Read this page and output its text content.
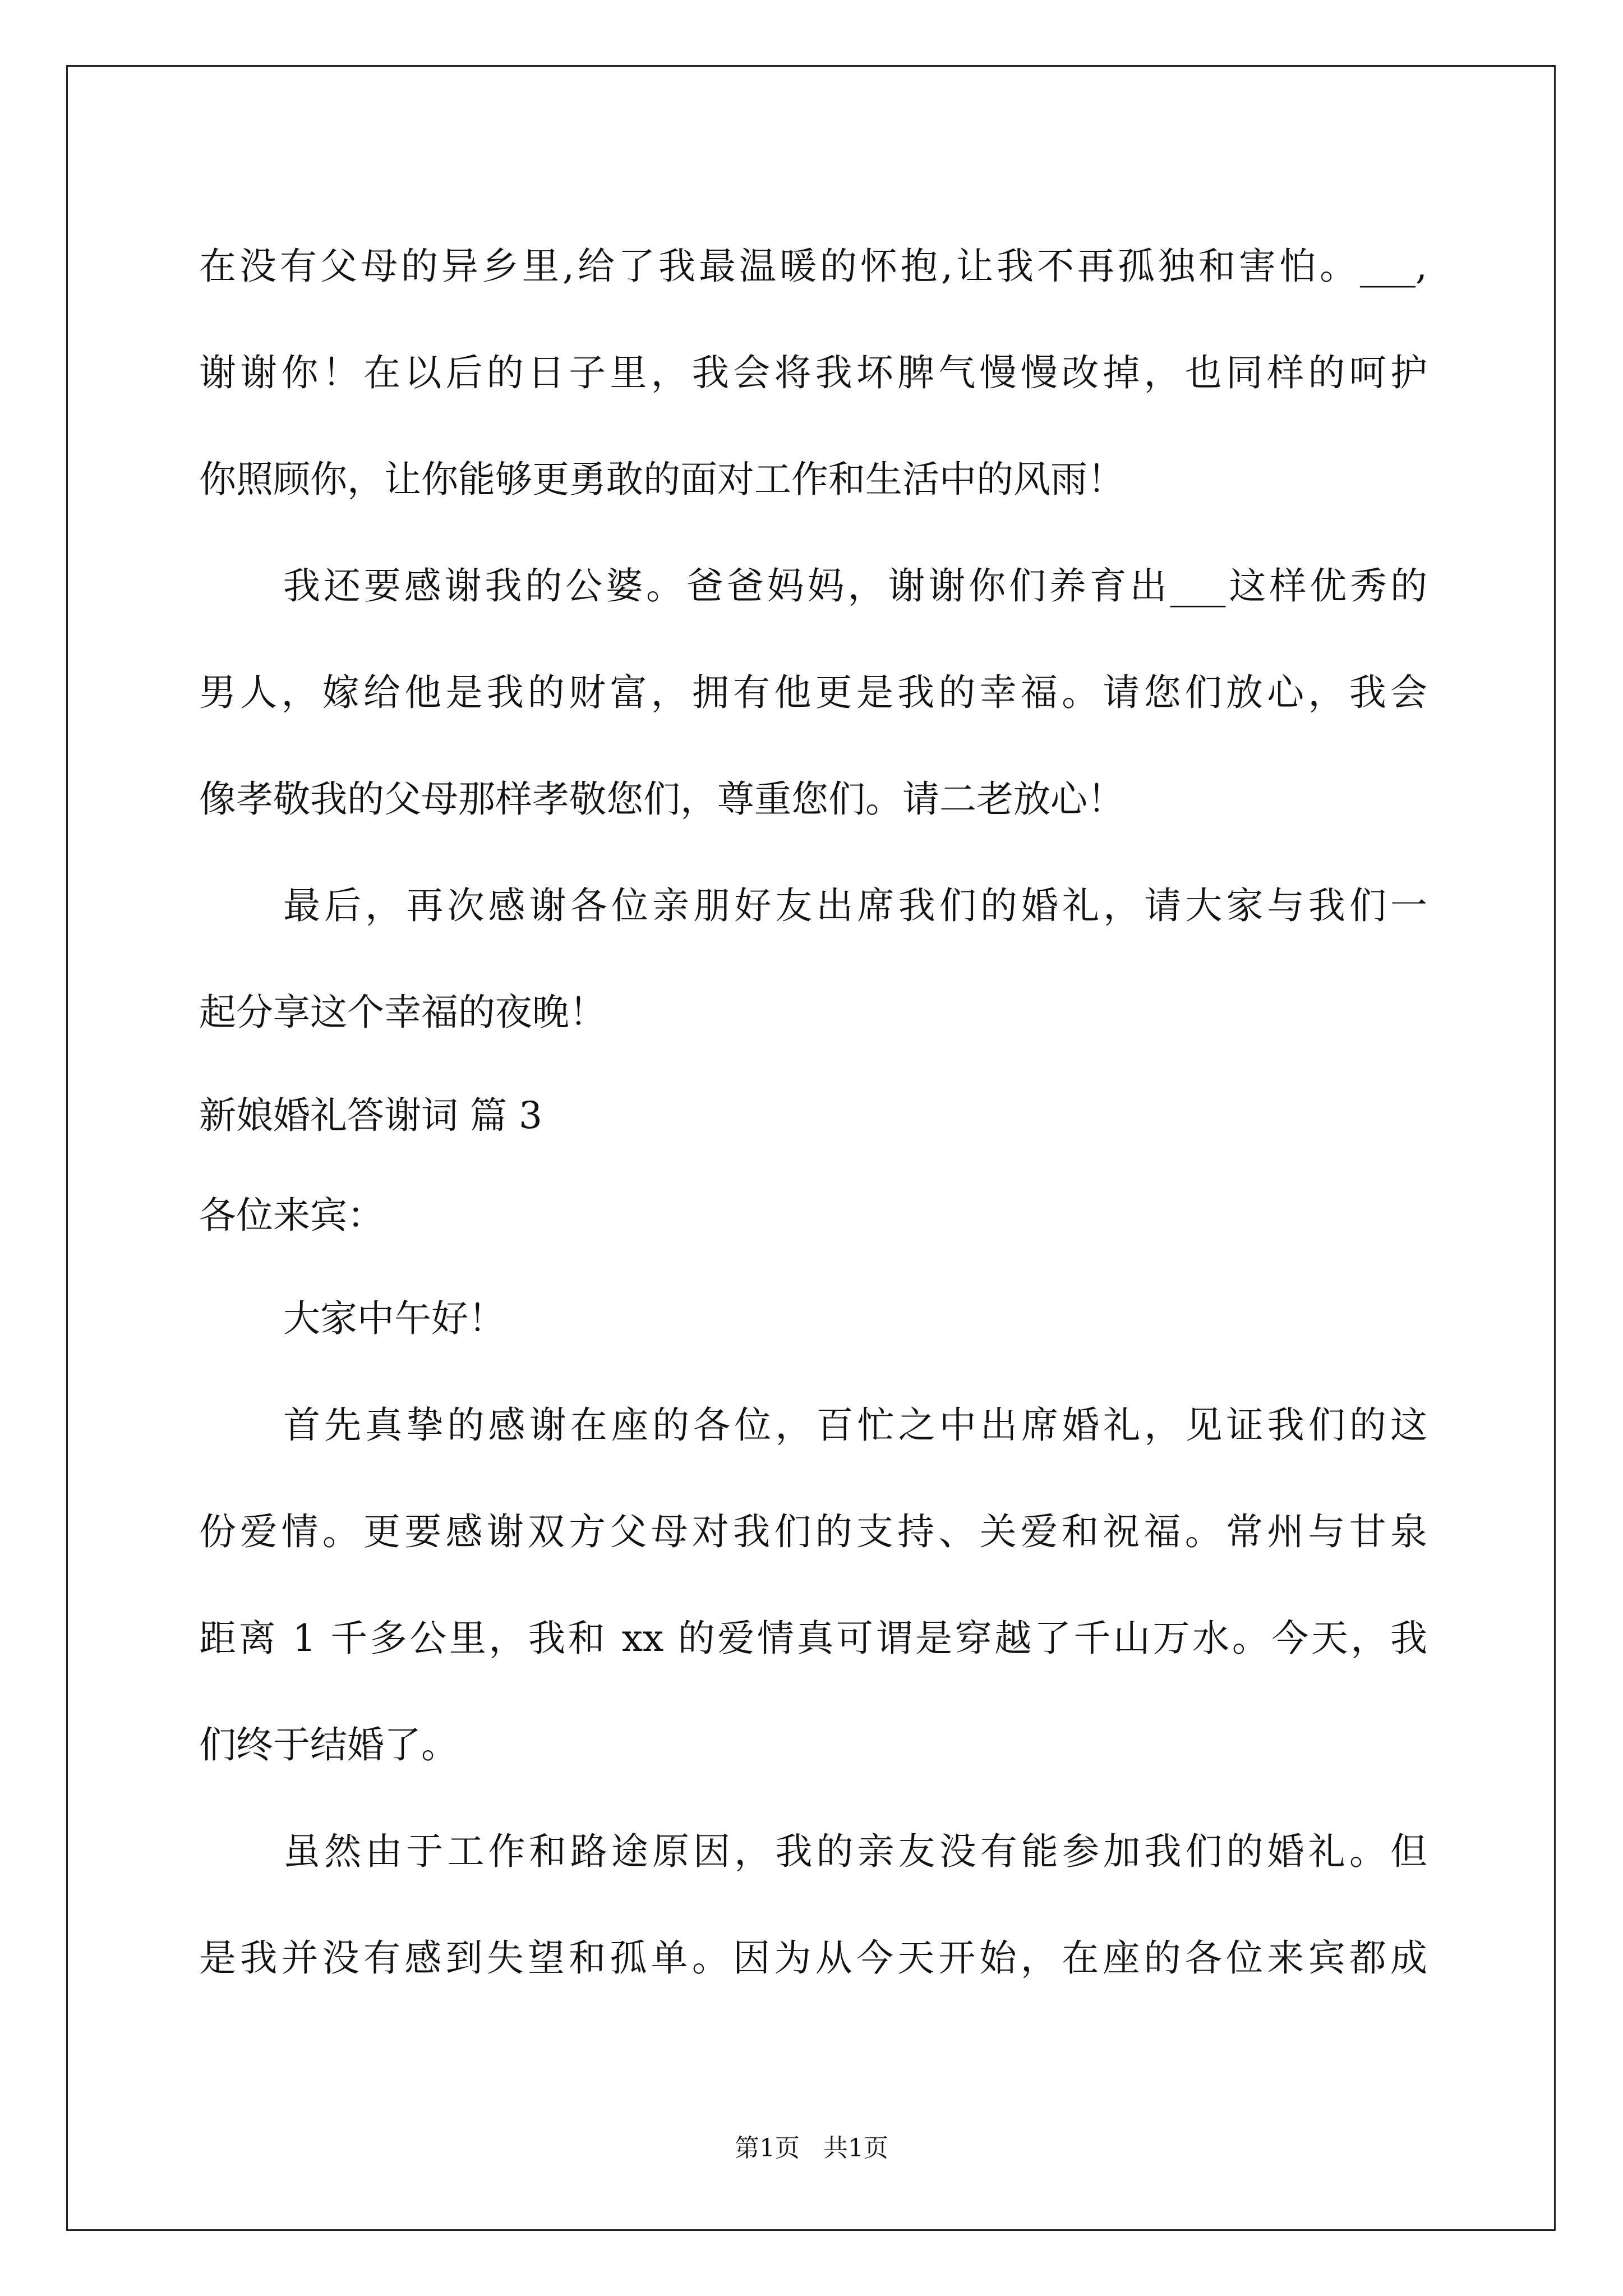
在没有父母的异乡里,给了我最温暖的怀抱,让我不再孤独和害怕。___,
谢谢你！在以后的日子里，我会将我坏脾气慢慢改掉，也同样的呵护
你照顾你，让你能够更勇敢的面对工作和生活中的风雨！
我还要感谢我的公婆。爸爸妈妈，谢谢你们养育出___这样优秀的
男人，嫁给他是我的财富，拥有他更是我的幸福。请您们放心，我会
像孝敬我的父母那样孝敬您们，尊重您们。请二老放心！
最后，再次感谢各位亲朋好友出席我们的婚礼，请大家与我们一
起分享这个幸福的夜晚！
新娘婚礼答谢词 篇 3
各位来宾：
大家中午好！
首先真挚的感谢在座的各位，百忙之中出席婚礼，见证我们的这
份爱情。更要感谢双方父母对我们的支持、关爱和祝福。常州与甘泉
距离 1 千多公里，我和 xx 的爱情真可谓是穿越了千山万水。今天，我
们终于结婚了。
虽然由于工作和路途原因，我的亲友没有能参加我们的婚礼。但
是我并没有感到失望和孤单。因为从今天开始，在座的各位来宾都成
第1页   共1页
